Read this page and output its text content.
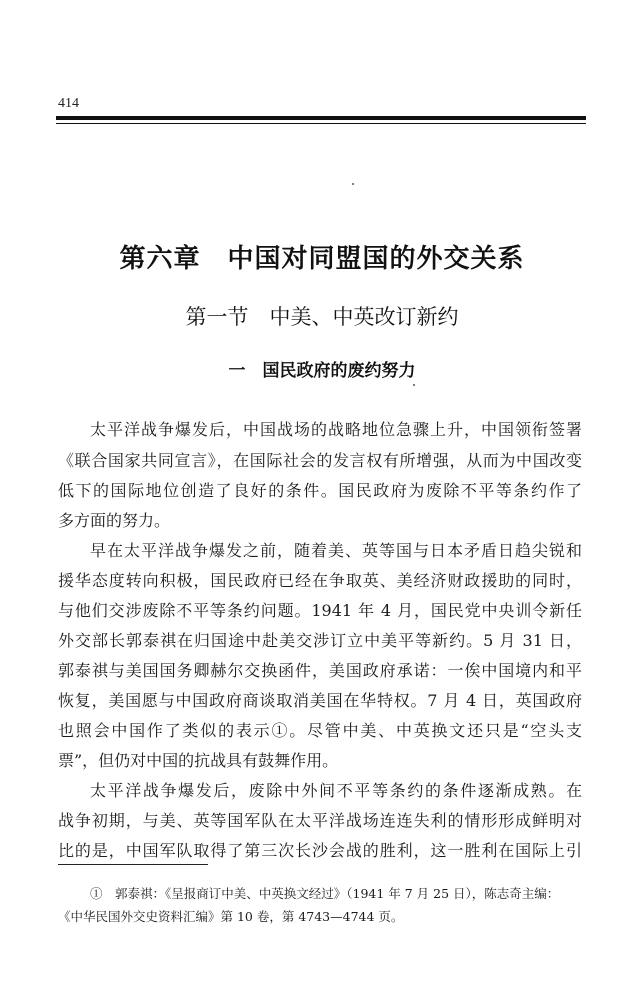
414
第六章　中国对同盟国的外交关系
第一节　中美、中英改订新约
一　国民政府的废约努力
太平洋战争爆发后，中国战场的战略地位急骤上升，中国领衔签署
《联合国家共同宣言》，在国际社会的发言权有所增强，从而为中国改变
低下的国际地位创造了良好的条件。国民政府为废除不平等条约作了
多方面的努力。
早在太平洋战争爆发之前，随着美、英等国与日本矛盾日趋尖锐和
援华态度转向积极，国民政府已经在争取英、美经济财政援助的同时，
与他们交涉废除不平等条约问题。1941 年 4 月，国民党中央训令新任
外交部长郭泰祺在归国途中赴美交涉订立中美平等新约。5 月 31 日，
郭泰祺与美国国务卿赫尔交换函件，美国政府承诺：一俟中国境内和平
恢复，美国愿与中国政府商谈取消美国在华特权。7 月 4 日，英国政府
也照会中国作了类似的表示①。尽管中美、中英换文还只是“空头支
票”，但仍对中国的抗战具有鼓舞作用。
太平洋战争爆发后，废除中外间不平等条约的条件逐渐成熟。在
战争初期，与美、英等国军队在太平洋战场连连失利的情形形成鲜明对
比的是，中国军队取得了第三次长沙会战的胜利，这一胜利在国际上引
①　郭泰祺：《呈报商订中美、中英换文经过》（1941 年 7 月 25 日），陈志奇主编：
《中华民国外交史资料汇编》第 10 卷，第 4743—4744 页。
